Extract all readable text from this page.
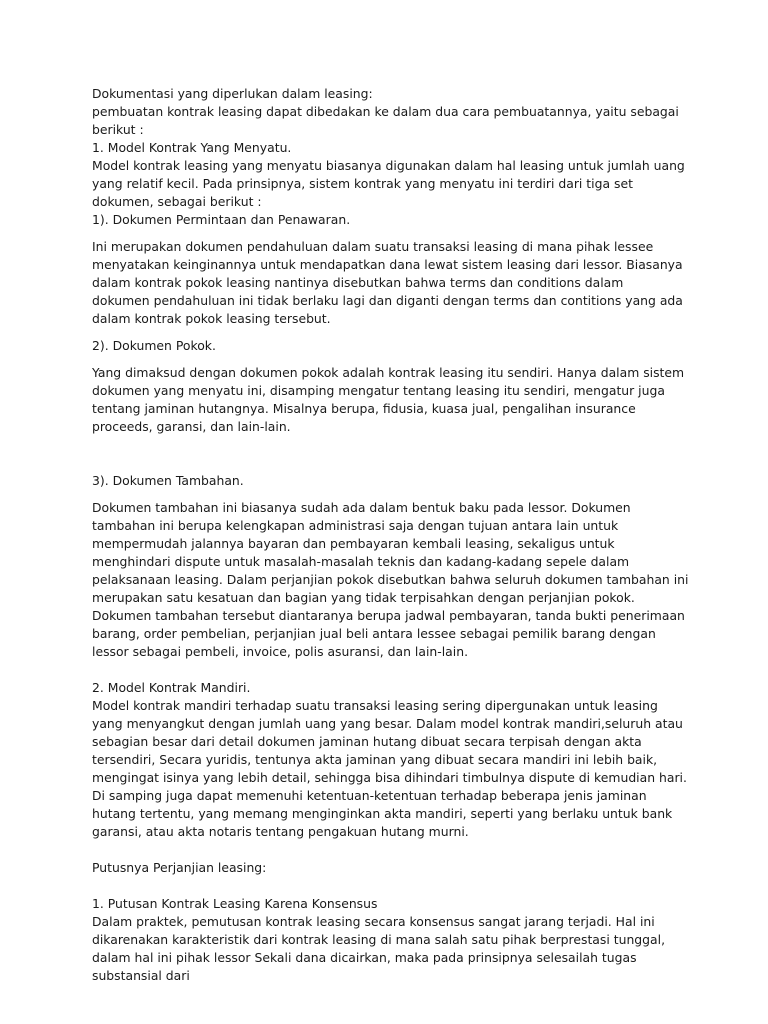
Dokumentasi yang diperlukan dalam leasing:
pembuatan kontrak leasing dapat dibedakan ke dalam dua cara pembuatannya, yaitu sebagai berikut :
1. Model Kontrak Yang Menyatu.
Model kontrak leasing yang menyatu biasanya digunakan dalam hal leasing untuk jumlah uang yang relatif kecil. Pada prinsipnya, sistem kontrak yang menyatu ini terdiri dari tiga set dokumen, sebagai berikut :
1). Dokumen Permintaan dan Penawaran.

Ini merupakan dokumen pendahuluan dalam suatu transaksi leasing di mana pihak lessee menyatakan keinginannya untuk mendapatkan dana lewat sistem leasing dari lessor. Biasanya dalam kontrak pokok leasing nantinya disebutkan bahwa terms dan conditions dalam
dokumen pendahuluan ini tidak berlaku lagi dan diganti dengan terms dan contitions yang ada dalam kontrak pokok leasing tersebut.

2). Dokumen Pokok.

Yang dimaksud dengan dokumen pokok adalah kontrak leasing itu sendiri. Hanya dalam sistem dokumen yang menyatu ini, disamping mengatur tentang leasing itu sendiri, mengatur juga tentang jaminan hutangnya. Misalnya berupa, fidusia, kuasa jual, pengalihan insurance proceeds, garansi, dan lain-lain.

3). Dokumen Tambahan.

Dokumen tambahan ini biasanya sudah ada dalam bentuk baku pada lessor. Dokumen tambahan ini berupa kelengkapan administrasi saja dengan tujuan antara lain untuk mempermudah jalannya bayaran dan pembayaran kembali leasing, sekaligus untuk menghindari dispute untuk masalah-masalah teknis dan kadang-kadang sepele dalam pelaksanaan leasing. Dalam perjanjian pokok disebutkan bahwa seluruh dokumen tambahan ini merupakan satu kesatuan dan bagian yang tidak terpisahkan dengan perjanjian pokok. Dokumen tambahan tersebut diantaranya berupa jadwal pembayaran, tanda bukti penerimaan barang, order pembelian, perjanjian jual beli antara lessee sebagai pemilik barang dengan lessor sebagai pembeli, invoice, polis asuransi, dan lain-lain.

2. Model Kontrak Mandiri.
Model kontrak mandiri terhadap suatu transaksi leasing sering dipergunakan untuk leasing yang menyangkut dengan jumlah uang yang besar. Dalam model kontrak mandiri,seluruh atau sebagian besar dari detail dokumen jaminan hutang dibuat secara terpisah dengan akta tersendiri, Secara yuridis, tentunya akta jaminan yang dibuat secara mandiri ini lebih baik, mengingat isinya yang lebih detail, sehingga bisa dihindari timbulnya dispute di kemudian hari. Di samping juga dapat memenuhi ketentuan-ketentuan terhadap beberapa jenis jaminan hutang tertentu, yang memang menginginkan akta mandiri, seperti yang berlaku untuk bank garansi, atau akta notaris tentang pengakuan hutang murni.

Putusnya Perjanjian leasing:

1. Putusan Kontrak Leasing Karena Konsensus
Dalam praktek, pemutusan kontrak leasing secara konsensus sangat jarang terjadi. Hal ini dikarenakan karakteristik dari kontrak leasing di mana salah satu pihak berprestasi tunggal, dalam hal ini pihak lessor Sekali dana dicairkan, maka pada prinsipnya selesailah tugas substansial dari
